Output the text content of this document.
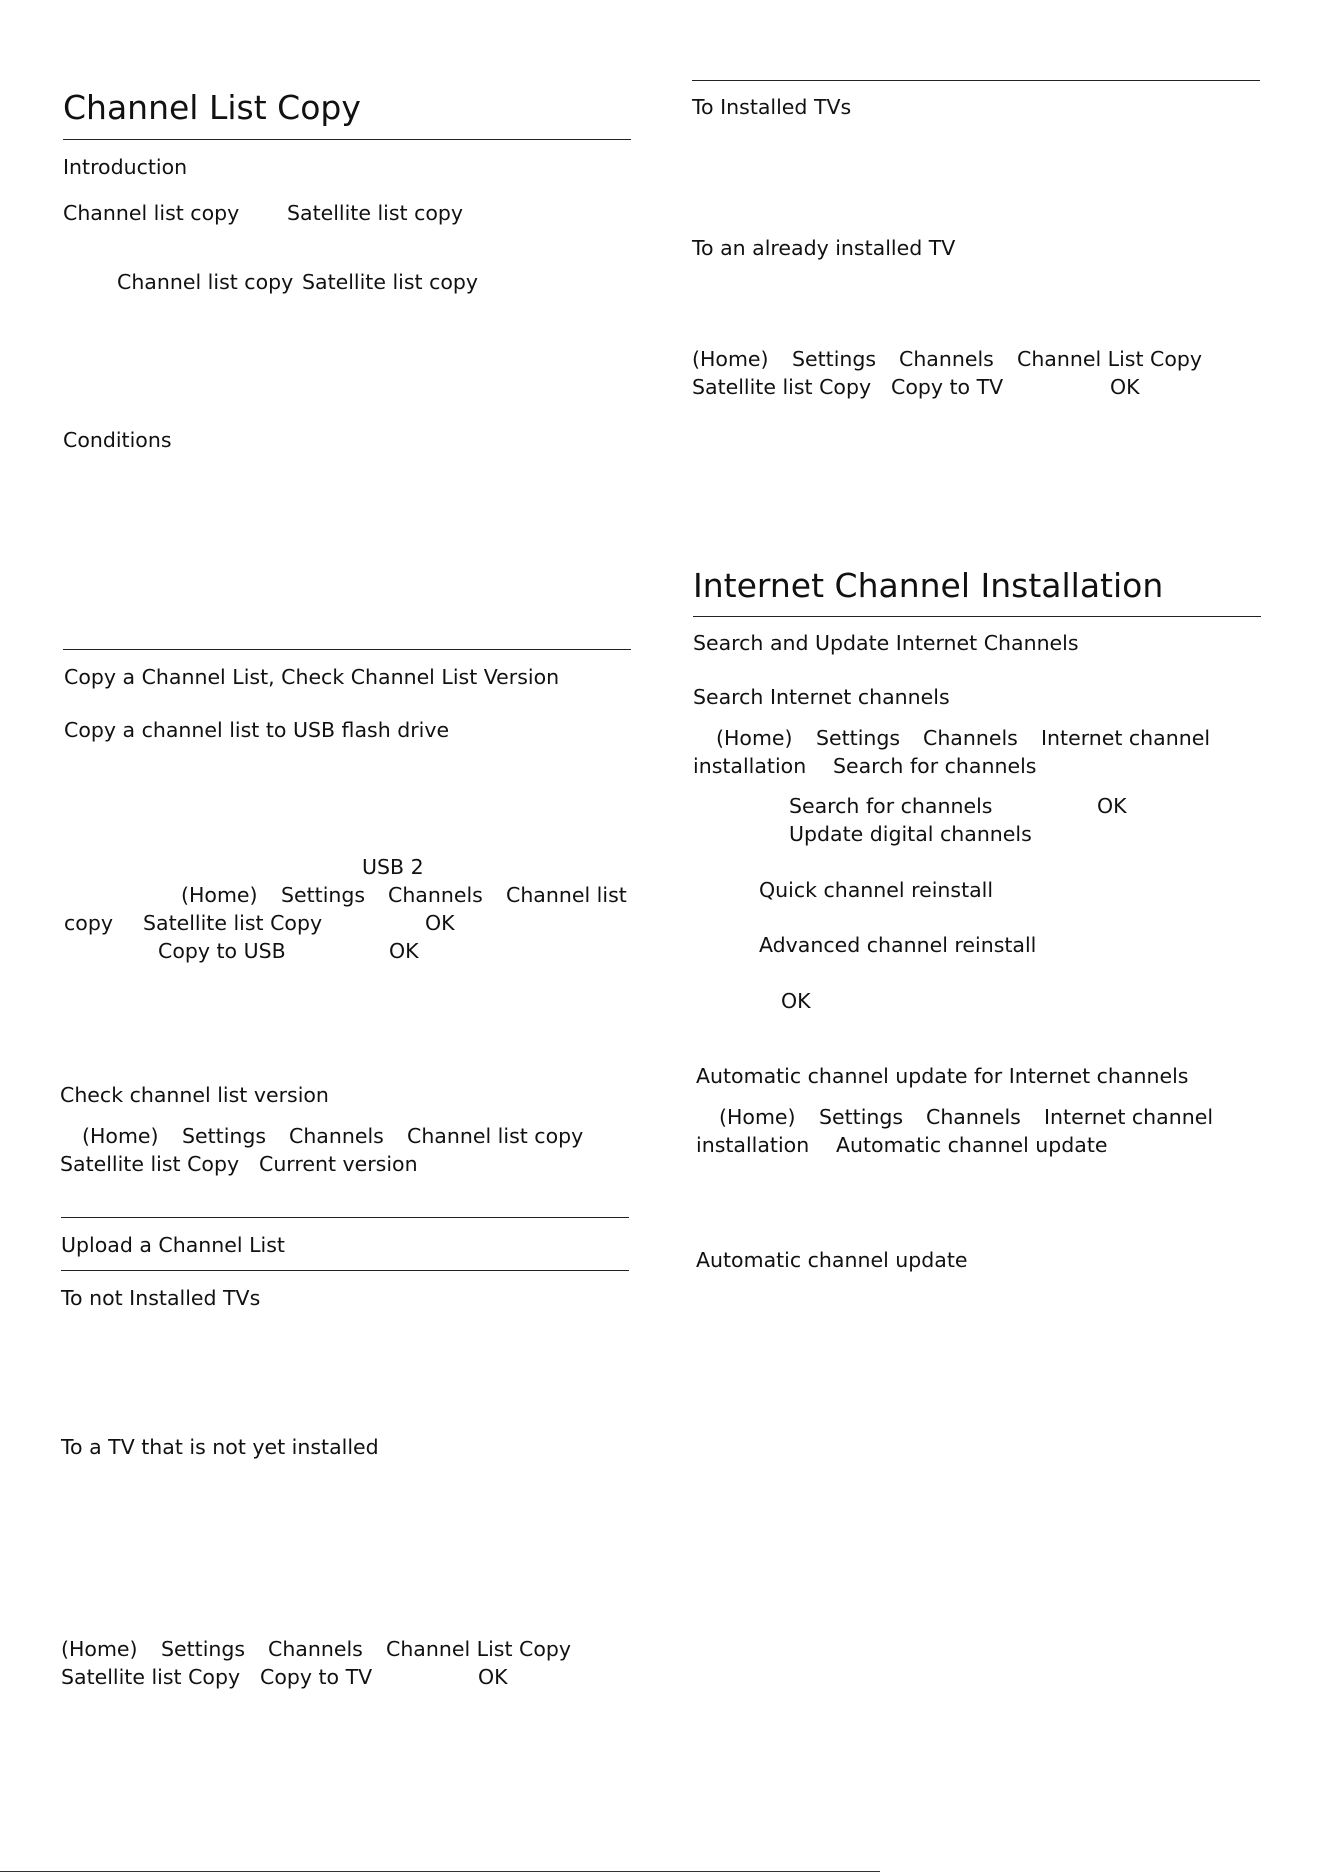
Channel List Copy
Introduction
Channel list copy Satellite list copy
Channel list copy Satellite list copy
Conditions
Copy a Channel List, Check Channel List Version
Copy a channel list to USB flash drive
USB 2
(Home) Settings Channels Channel list
copy Satellite list Copy	OK
Copy to USB	OK
Check channel list version
(Home) Settings Channels Channel list copy
Satellite list Copy Current version
Upload a Channel List
To not Installed TVs
To a TV that is not yet installed
(Home) Settings Channels Channel List Copy
Satellite list Copy Copy to TV	OK
To Installed TVs
To an already installed TV
(Home) Settings Channels Channel List Copy
Satellite list Copy Copy to TV	OK
Internet Channel Installation
Search and Update Internet Channels
Search Internet channels
(Home) Settings Channels Internet channel
installation Search for channels
Search for channels	OK
Update digital channels
Quick channel reinstall
Advanced channel reinstall
OK
Automatic channel update for Internet channels
(Home) Settings Channels Internet channel
installation Automatic channel update
Automatic channel update
